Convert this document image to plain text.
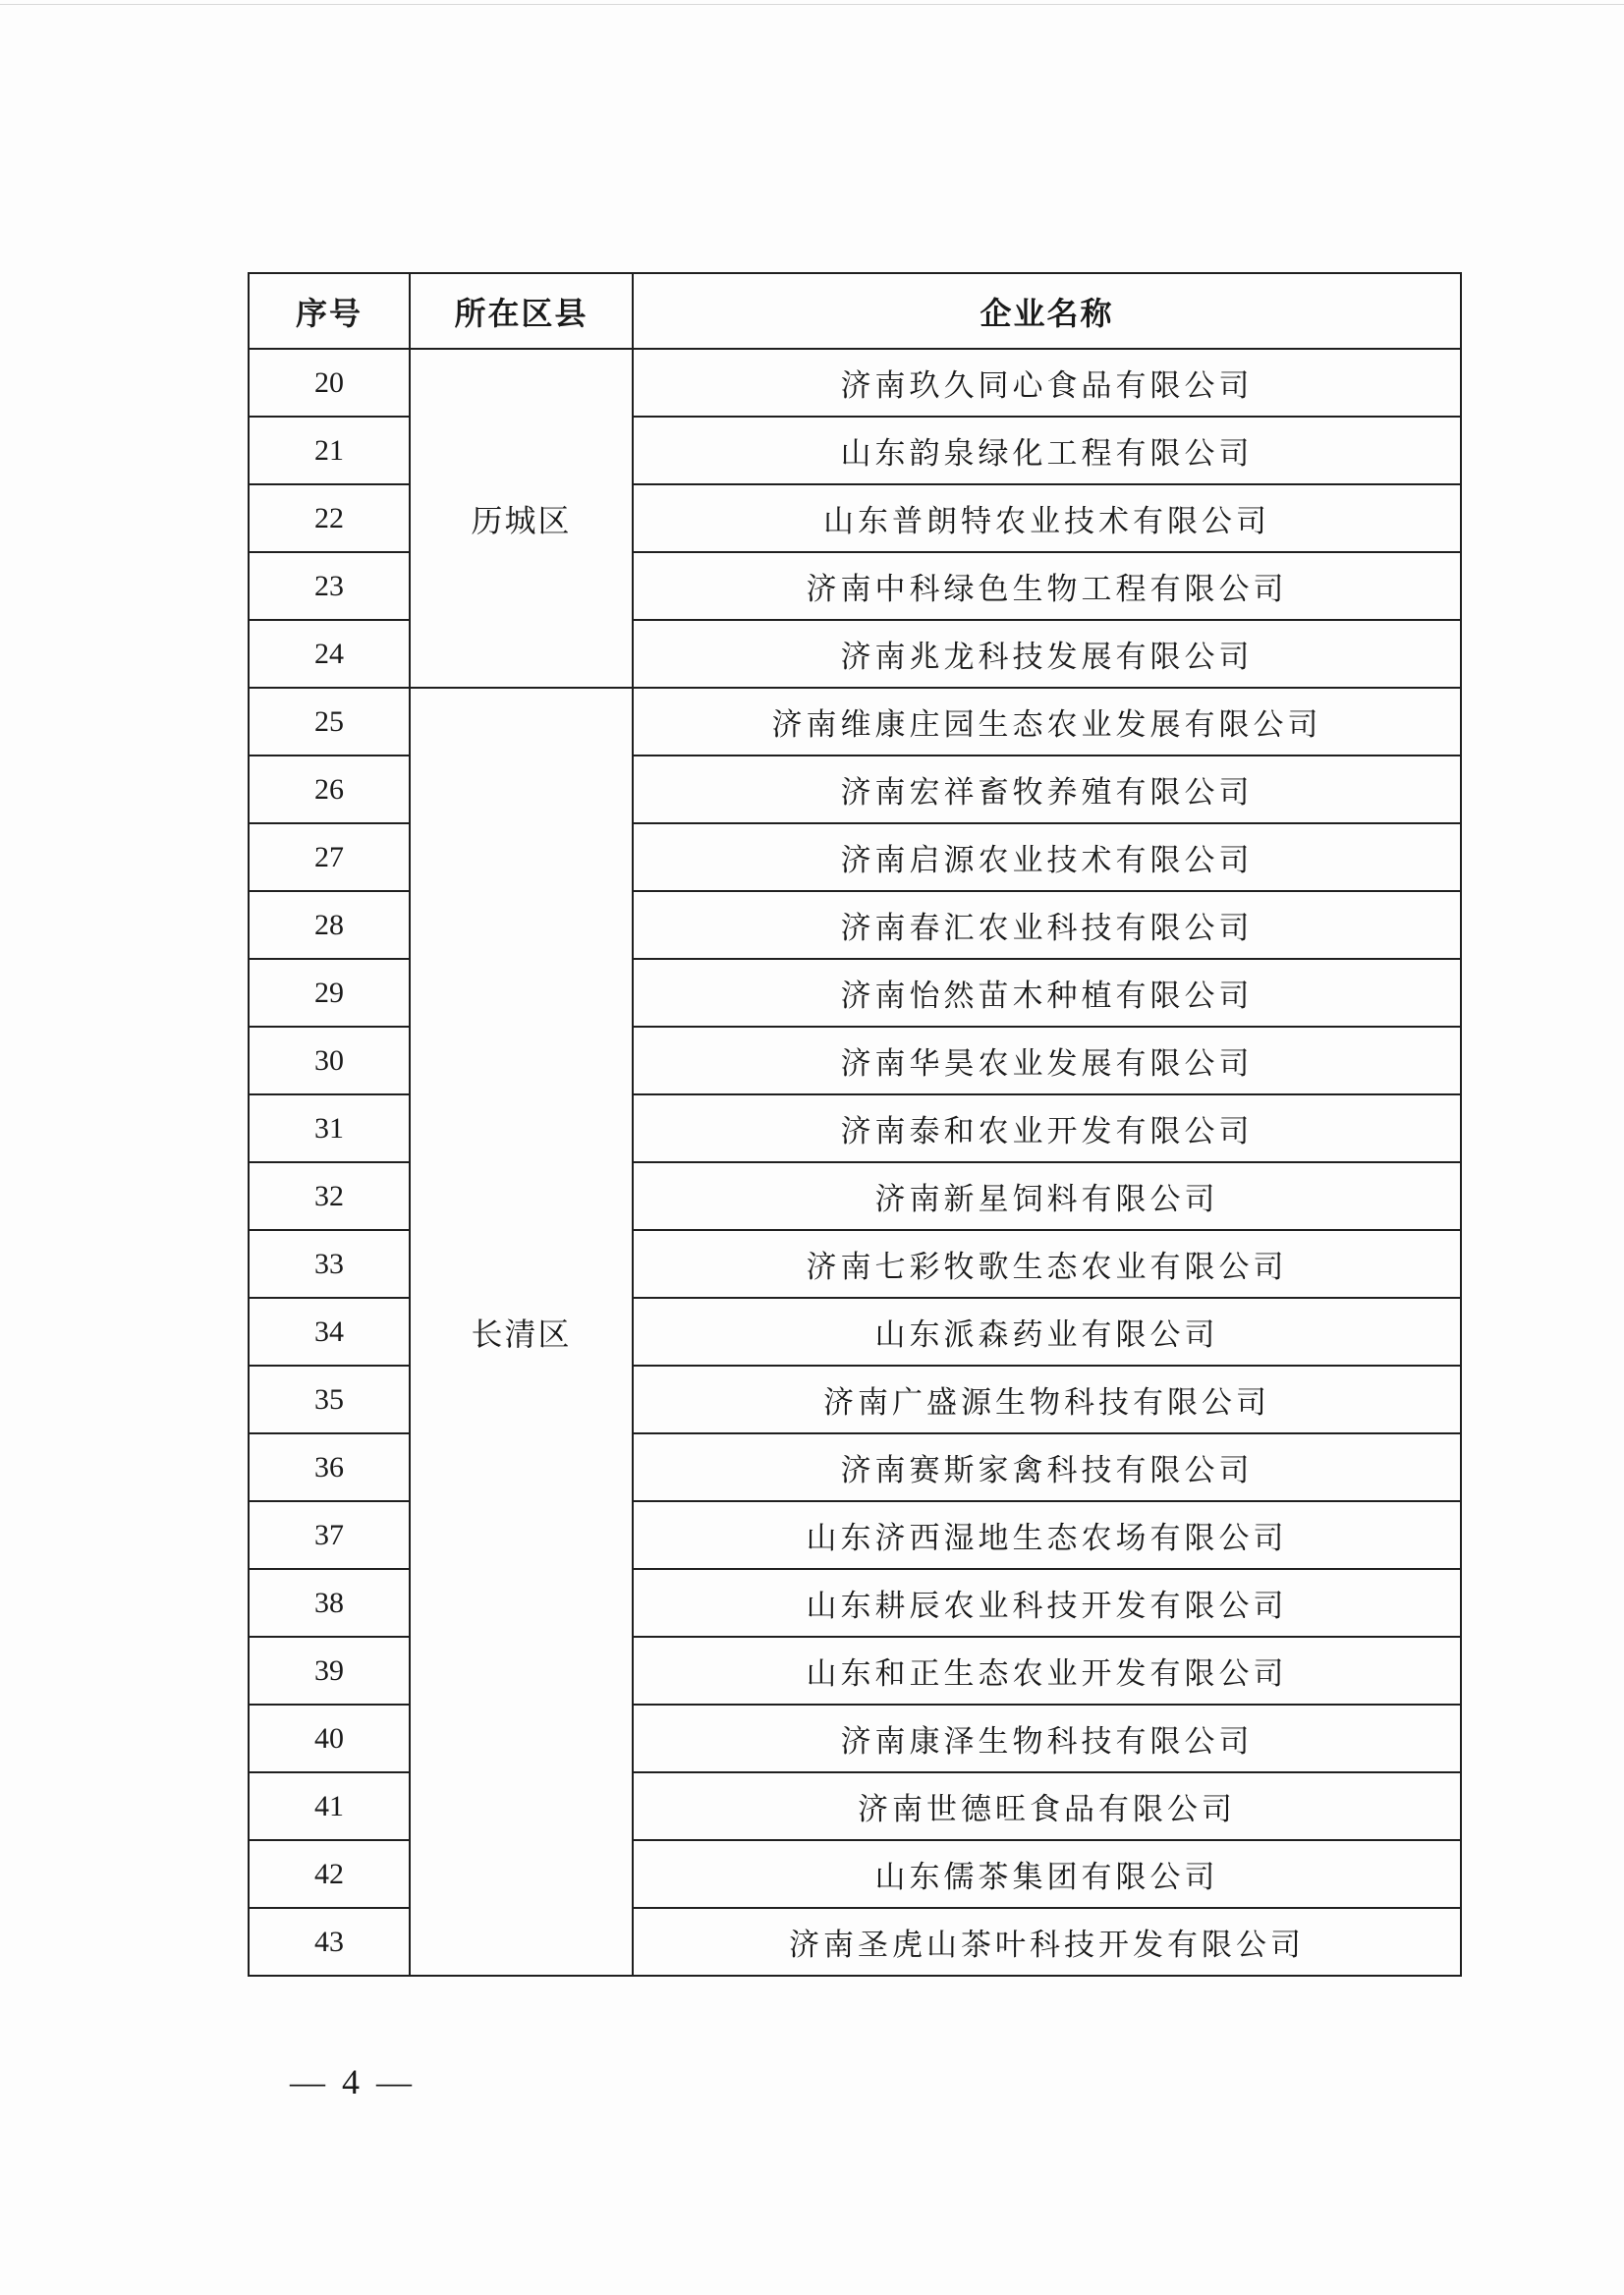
序号	所在区县	企业名称
20	历城区	济南玖久同心食品有限公司
21		山东韵泉绿化工程有限公司
22		山东普朗特农业技术有限公司
23		济南中科绿色生物工程有限公司
24		济南兆龙科技发展有限公司
25	长清区	济南维康庄园生态农业发展有限公司
26		济南宏祥畜牧养殖有限公司
27		济南启源农业技术有限公司
28		济南春汇农业科技有限公司
29		济南怡然苗木种植有限公司
30		济南华昊农业发展有限公司
31		济南泰和农业开发有限公司
32		济南新星饲料有限公司
33		济南七彩牧歌生态农业有限公司
34		山东派森药业有限公司
35		济南广盛源生物科技有限公司
36		济南赛斯家禽科技有限公司
37		山东济西湿地生态农场有限公司
38		山东耕辰农业科技开发有限公司
39		山东和正生态农业开发有限公司
40		济南康泽生物科技有限公司
41		济南世德旺食品有限公司
42		山东儒茶集团有限公司
43		济南圣虎山茶叶科技开发有限公司
— 4 —
